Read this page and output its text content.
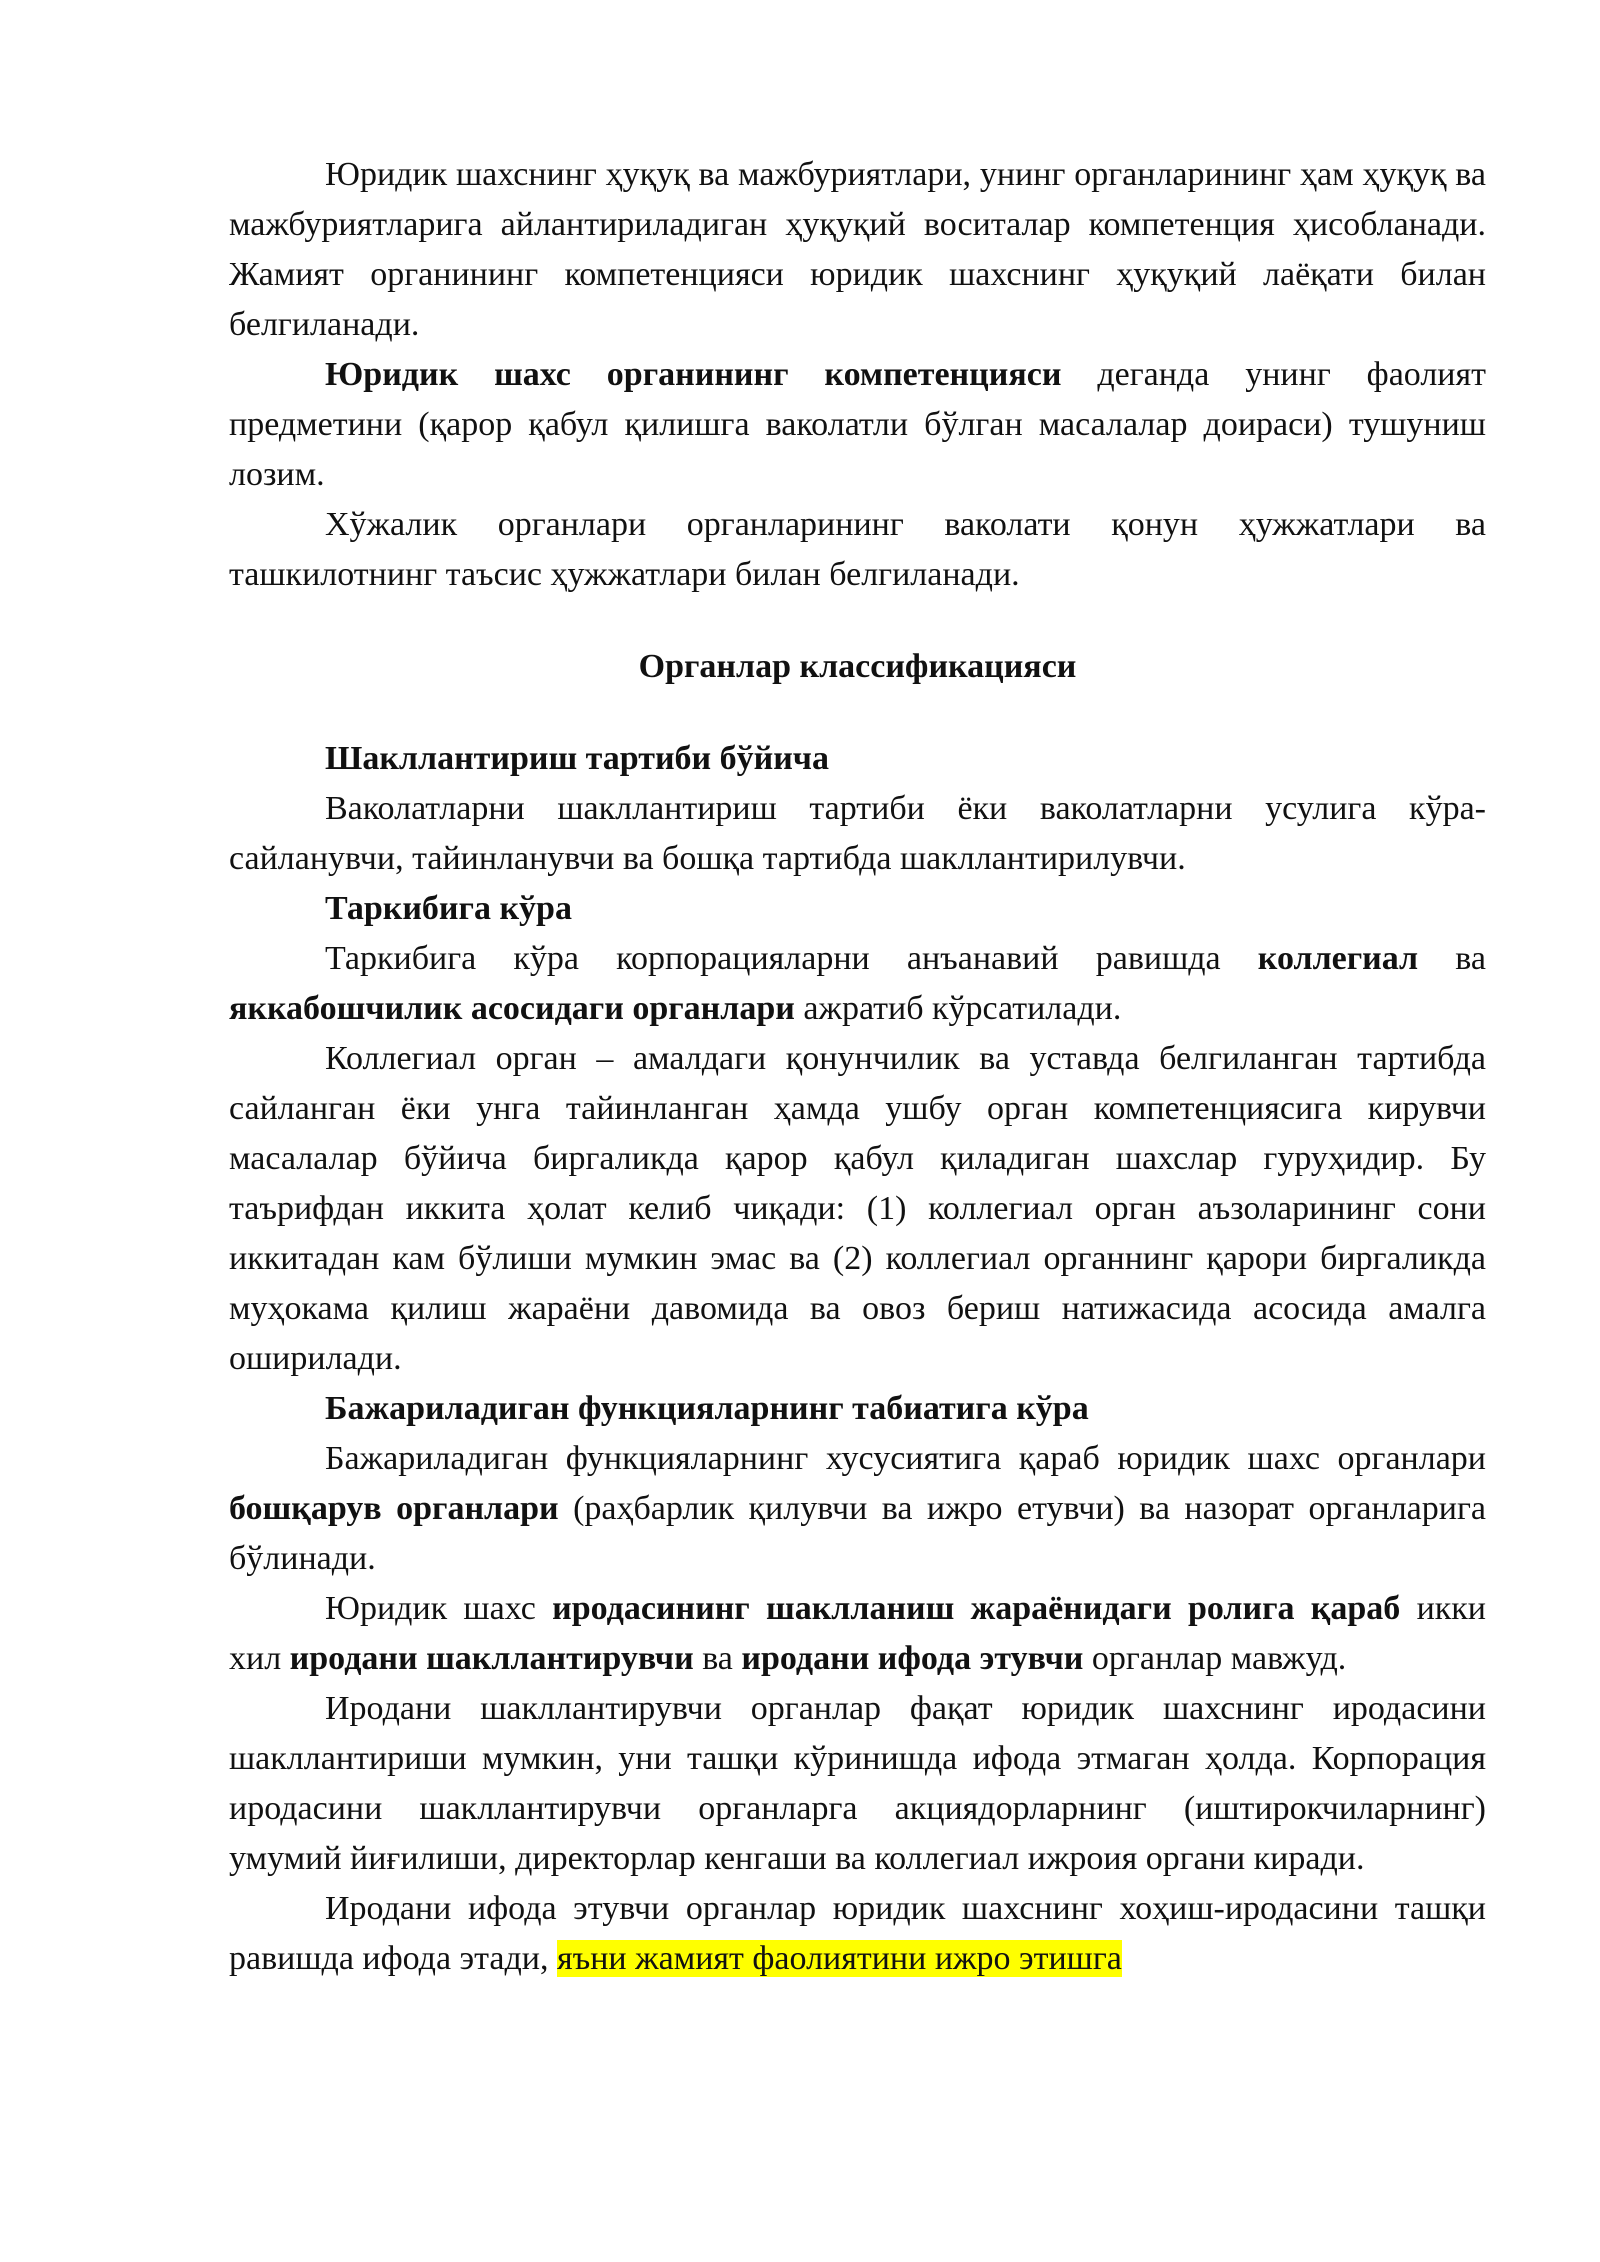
Юридик шахснинг ҳуқуқ ва мажбуриятлари, унинг органларининг ҳам ҳуқуқ ва мажбуриятларига айлантириладиган ҳуқуқий воситалар компетенция ҳисобланади. Жамият органининг компетенцияси юридик шахснинг ҳуқуқий лаёқати билан белгиланади.

Юридик шахс органининг компетенцияси деганда унинг фаолият предметини (қарор қабул қилишга ваколатли бўлган масалалар доираси) тушуниш лозим.

Хўжалик органлари органларининг ваколати қонун ҳужжатлари ва ташкилотнинг таъсис ҳужжатлари билан белгиланади.

Органлар классификацияси

Шакллантириш тартиби бўйича

Ваколатларни шакллантириш тартиби ёки ваколатларни усулига кўра- сайланувчи, тайинланувчи ва бошқа тартибда шакллантирилувчи.

Таркибига кўра

Таркибига кўра корпорацияларни анъанавий равишда коллегиал ва яккабошчилик асосидаги органлари ажратиб кўрсатилади.

Коллегиал орган – амалдаги қонунчилик ва уставда белгиланган тартибда сайланган ёки унга тайинланган ҳамда ушбу орган компетенциясига кирувчи масалалар бўйича биргаликда қарор қабул қиладиган шахслар гуруҳидир. Бу таърифдан иккита ҳолат келиб чиқади: (1) коллегиал орган аъзоларининг сони иккитадан кам бўлиши мумкин эмас ва (2) коллегиал органнинг қарори биргаликда муҳокама қилиш жараёни давомида ва овоз бериш натижасида асосида амалга оширилади.

Бажариладиган функцияларнинг табиатига кўра

Бажариладиган функцияларнинг хусусиятига қараб юридик шахс органлари бошқарув органлари (раҳбарлик қилувчи ва ижро етувчи) ва назорат органларига бўлинади.

Юридик шахс иродасининг шаклланиш жараёнидаги ролига қараб икки хил иродани шакллантирувчи ва иродани ифода этувчи органлар мавжуд.

Иродани шакллантирувчи органлар фақат юридик шахснинг иродасини шакллантириши мумкин, уни ташқи кўринишда ифода этмаган ҳолда. Корпорация иродасини шакллантирувчи органларга акциядорларнинг (иштирокчиларнинг) умумий йиғилиши, директорлар кенгаши ва коллегиал ижроия органи киради.

Иродани ифода этувчи органлар юридик шахснинг хоҳиш-иродасини ташқи равишда ифода этади, яъни жамият фаолиятини ижро этишга
